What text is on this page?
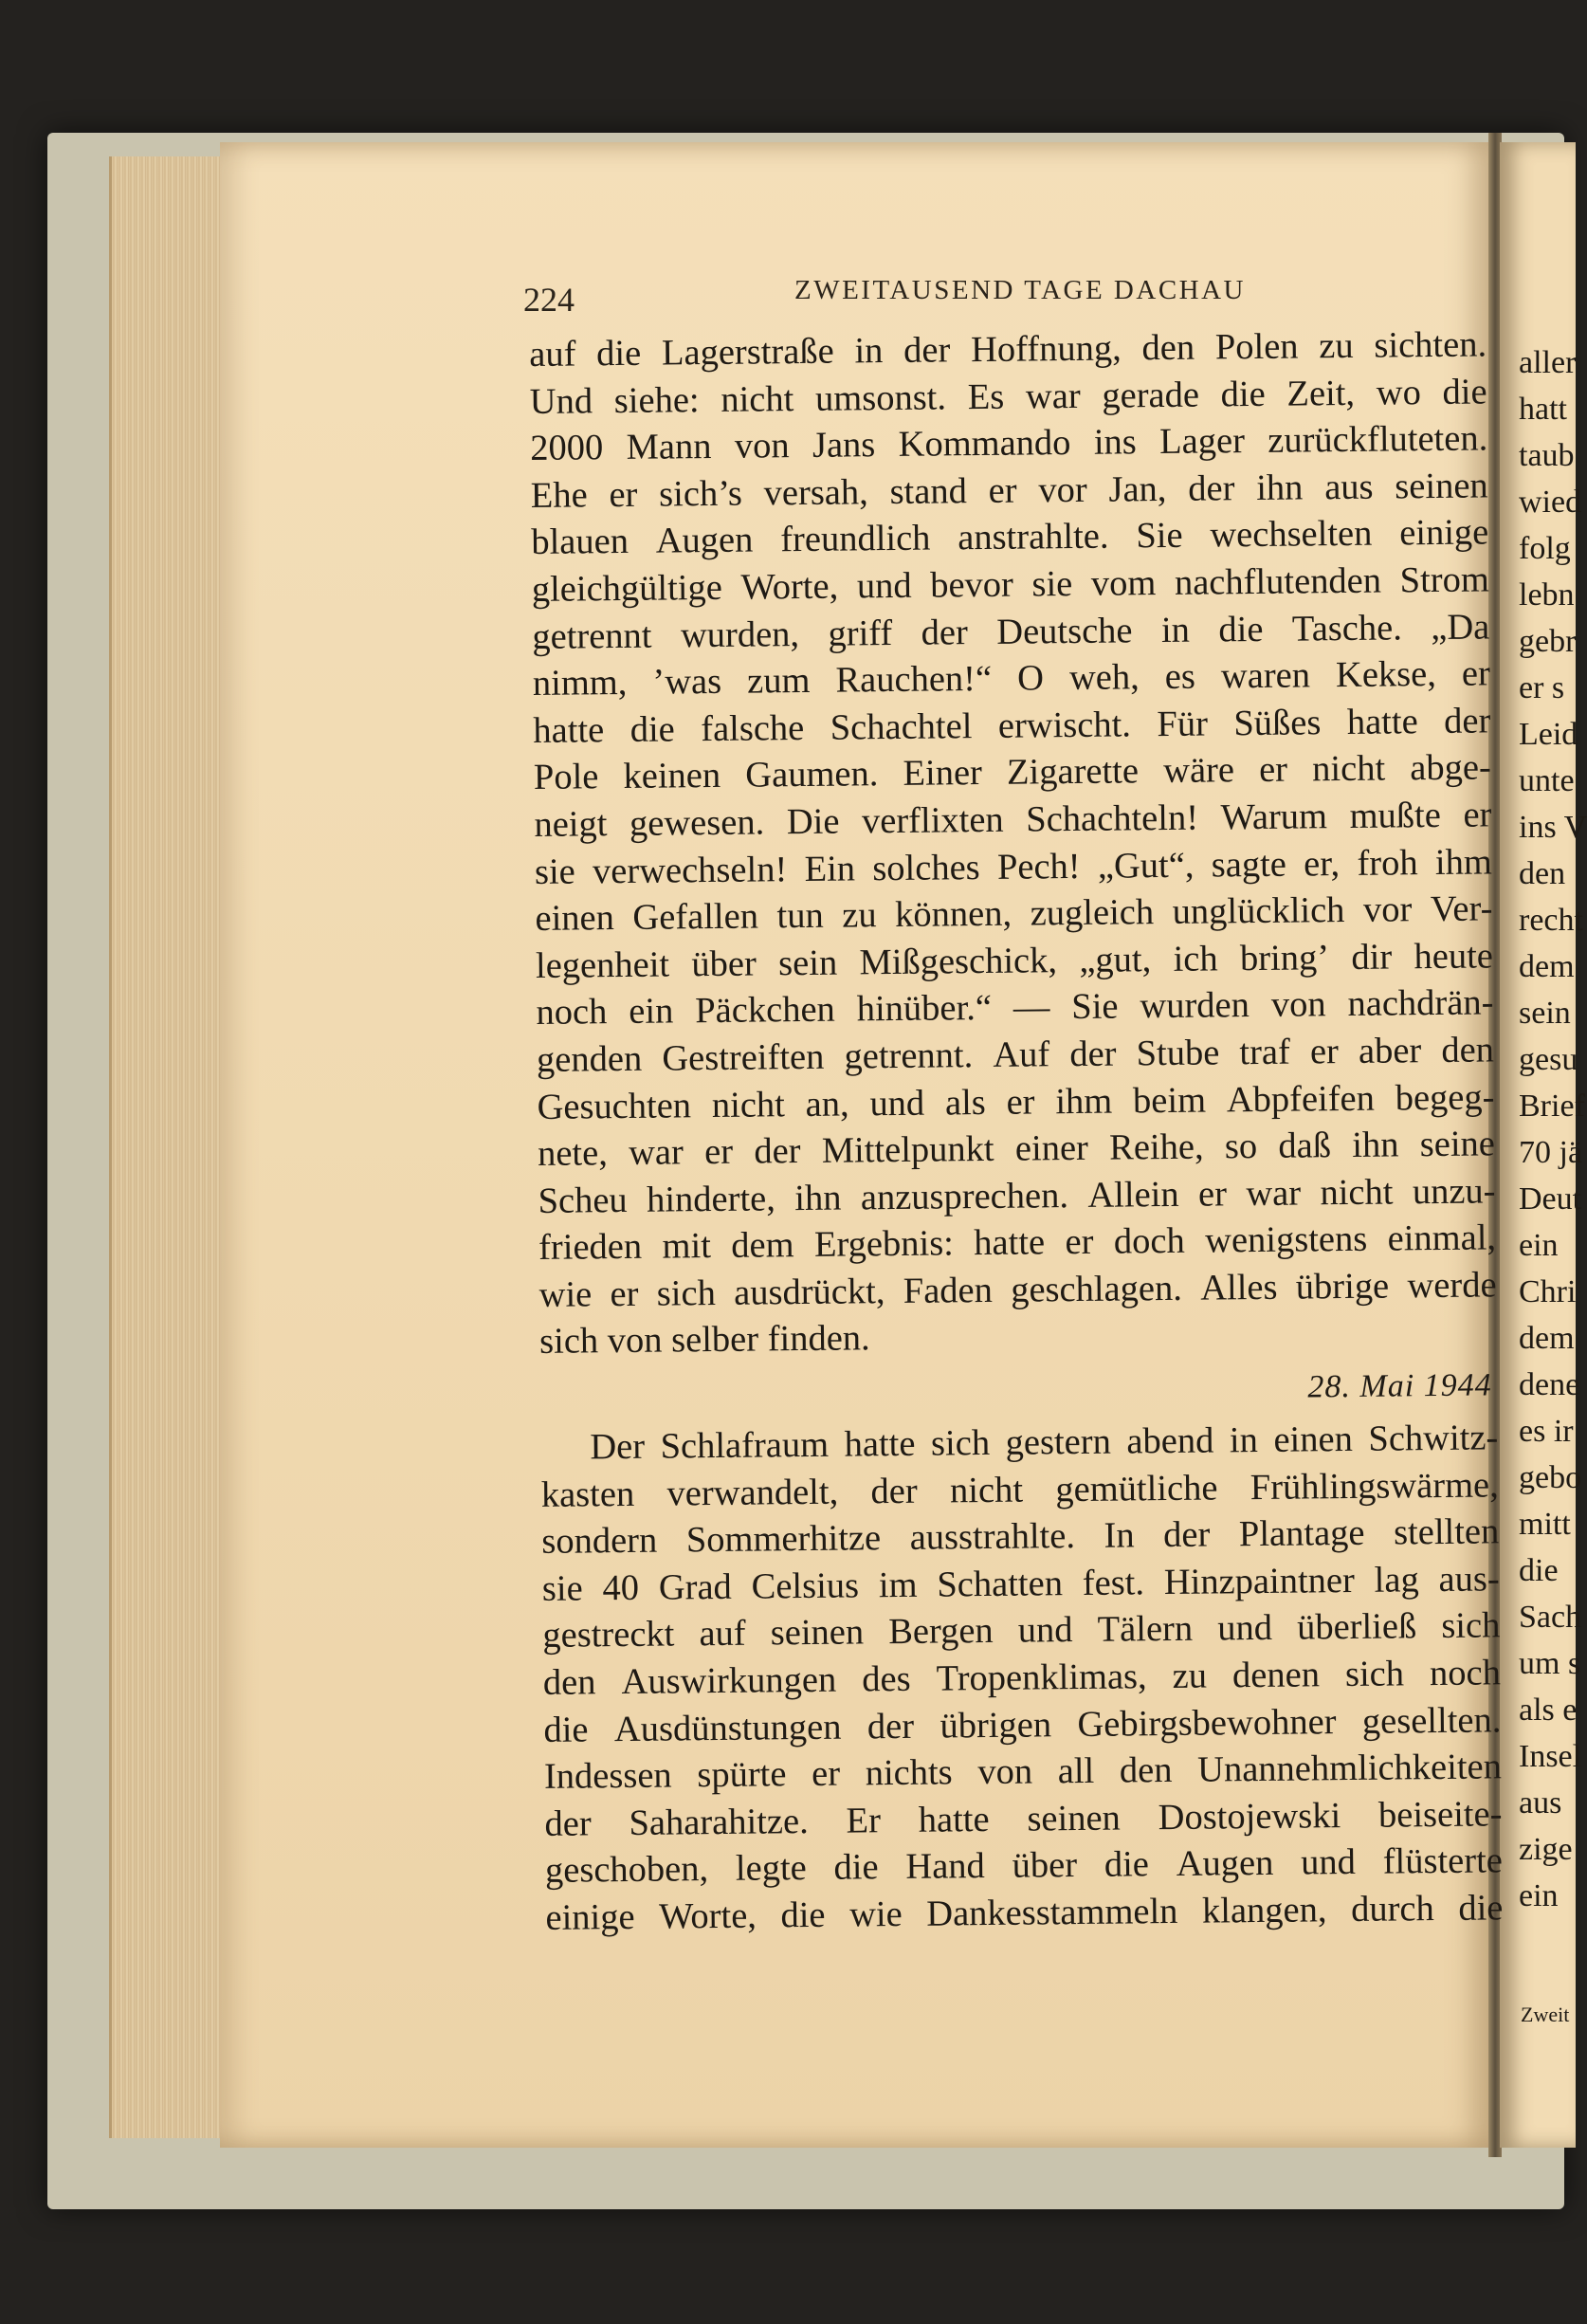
224	ZWEITAUSEND TAGE DACHAU
auf die Lagerstraße in der Hoffnung, den Polen zu sichten.
Und siehe: nicht umsonst. Es war gerade die Zeit, wo die
2000 Mann von Jans Kommando ins Lager zurückfluteten.
Ehe er sich’s versah, stand er vor Jan, der ihn aus seinen
blauen Augen freundlich anstrahlte. Sie wechselten einige
gleichgültige Worte, und bevor sie vom nachflutenden Strom
getrennt wurden, griff der Deutsche in die Tasche. „Da
nimm, ’was zum Rauchen!“ O weh, es waren Kekse, er
hatte die falsche Schachtel erwischt. Für Süßes hatte der
Pole keinen Gaumen. Einer Zigarette wäre er nicht abge-
neigt gewesen. Die verflixten Schachteln! Warum mußte er
sie verwechseln! Ein solches Pech! „Gut“, sagte er, froh ihm
einen Gefallen tun zu können, zugleich unglücklich vor Ver-
legenheit über sein Mißgeschick, „gut, ich bring’ dir heute
noch ein Päckchen hinüber.“ — Sie wurden von nachdrän-
genden Gestreiften getrennt. Auf der Stube traf er aber den
Gesuchten nicht an, und als er ihm beim Abpfeifen begeg-
nete, war er der Mittelpunkt einer Reihe, so daß ihn seine
Scheu hinderte, ihn anzusprechen. Allein er war nicht unzu-
frieden mit dem Ergebnis: hatte er doch wenigstens einmal,
wie er sich ausdrückt, Faden geschlagen. Alles übrige werde
sich von selber finden.
28. Mai 1944
Der Schlafraum hatte sich gestern abend in einen Schwitz-
kasten verwandelt, der nicht gemütliche Frühlingswärme,
sondern Sommerhitze ausstrahlte. In der Plantage stellten
sie 40 Grad Celsius im Schatten fest. Hinzpaintner lag aus-
gestreckt auf seinen Bergen und Tälern und überließ sich
den Auswirkungen des Tropenklimas, zu denen sich noch
die Ausdünstungen der übrigen Gebirgsbewohner gesellten.
Indessen spürte er nichts von all den Unannehmlichkeiten
der Saharahitze. Er hatte seinen Dostojewski beiseite-
geschoben, legte die Hand über die Augen und flüsterte
einige Worte, die wie Dankesstammeln klangen, durch die
aller
hatt
taub
wied
folg
lebn
gebr
er s
Leid
unte
ins V
den
recht
dem
sein
gesu
Brief
70 jä
Deut
ein
Chri
dem
dene
es ir
gebo
mitt
die
Sach
um s
als e
Insel
aus
zige
ein
Zweit
